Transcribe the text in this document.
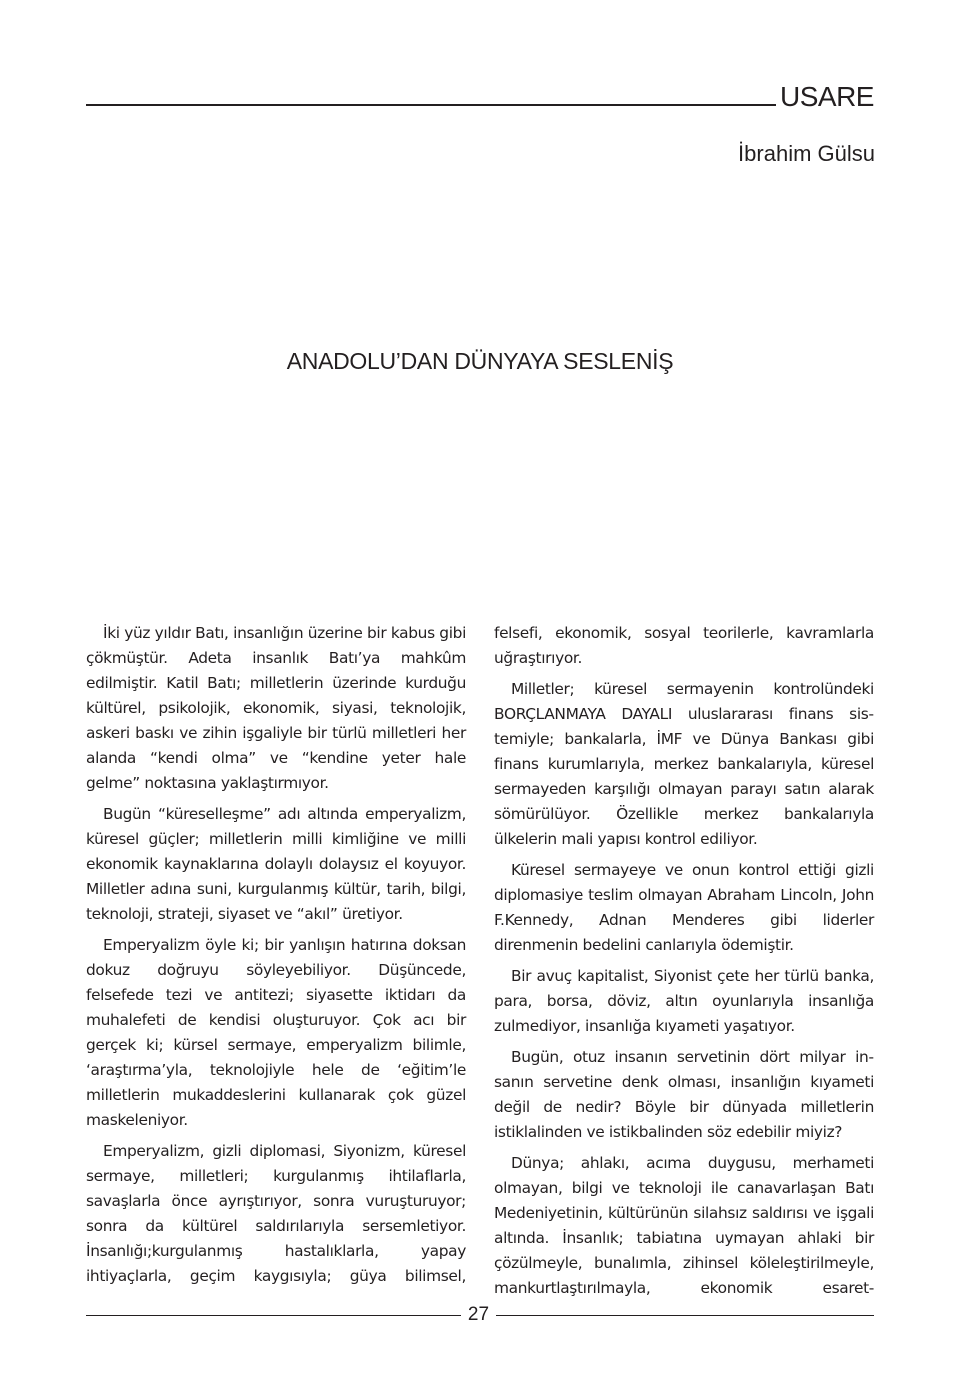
USARE
İbrahim Gülsu
ANADOLU’DAN DÜNYAYA SESLENİŞ

İki yüz yıldır Batı, insanlığın üzerine bir kabus gibi çökmüştür. Adeta insanlık Batı’ya mahkûm edilmiştir. Katil Batı; milletlerin üzerinde kurduğu kültürel, psikolojik, ekonomik, siyasi, teknolojik, askeri baskı ve zihin işgaliyle bir türlü milletleri her alanda “kendi olma” ve “kendine yeter hale gelme” noktasına yaklaştırmıyor.

Bugün “küreselleşme” adı altında emperyalizm, küresel güçler; milletlerin milli kimliğine ve milli ekonomik kaynaklarına dolaylı dolaysız el koyuyor. Milletler adına suni, kurgulanmış kültür, tarih, bilgi, teknoloji, strateji, siyaset ve “akıl” üretiyor.

Emperyalizm öyle ki; bir yanlışın hatırına doksan dokuz doğruyu söyleyebiliyor. Düşüncede, felsefede tezi ve antitezi; siyasette iktidarı da muhalefeti de kendisi oluşturuyor. Çok acı bir gerçek ki; kürsel sermaye, emperyalizm bilimle, ‘araştırma’yla, teknolojiyle hele de ‘eğitim’le milletlerin mukaddeslerini kullanarak çok güzel maskeleniyor.

Emperyalizm, gizli diplomasi, Siyonizm, küresel sermaye, milletleri; kurgulanmış ihtilaflarla, savaşlarla önce ayrıştırıyor, sonra vuruşturuyor; sonra da kültürel saldırılarıyla sersemletiyor. İnsanlığı;kurgulanmış hastalıklarla, yapay ihtiyaçlarla, geçim kaygısıyla; güya bilimsel,

felsefi, ekonomik, sosyal teorilerle, kavramlarla uğraştırıyor.

Milletler; küresel sermayenin kontrolündeki BORÇLANMAYA DAYALI uluslararası finans sistemiyle; bankalarla, İMF ve Dünya Bankası gibi finans kurumlarıyla, merkez bankalarıyla, küresel sermayeden karşılığı olmayan parayı satın alarak sömürülüyor. Özellikle merkez bankalarıyla ülkelerin mali yapısı kontrol ediliyor.

Küresel sermayeye ve onun kontrol ettiği gizli diplomasiye teslim olmayan Abraham Lincoln, John F.Kennedy, Adnan Menderes gibi liderler direnmenin bedelini canlarıyla ödemiştir.

Bir avuç kapitalist, Siyonist çete her türlü banka, para, borsa, döviz, altın oyunlarıyla insanlığa zulmediyor, insanlığa kıyameti yaşatıyor.

Bugün, otuz insanın servetinin dört milyar insanın servetine denk olması, insanlığın kıyameti değil de nedir? Böyle bir dünyada milletlerin istiklalinden ve istikbalinden söz edebilir miyiz?

Dünya; ahlakı, acıma duygusu, merhameti olmayan, bilgi ve teknoloji ile canavarlaşan Batı Medeniyetinin, kültürünün silahsız saldırısı ve işgali altında. İnsanlık; tabiatına uymayan ahlaki bir çözülmeyle, bunalımla, zihinsel köleleştirilmeyle, mankurtlaştırılmayla, ekonomik esaret-

27
